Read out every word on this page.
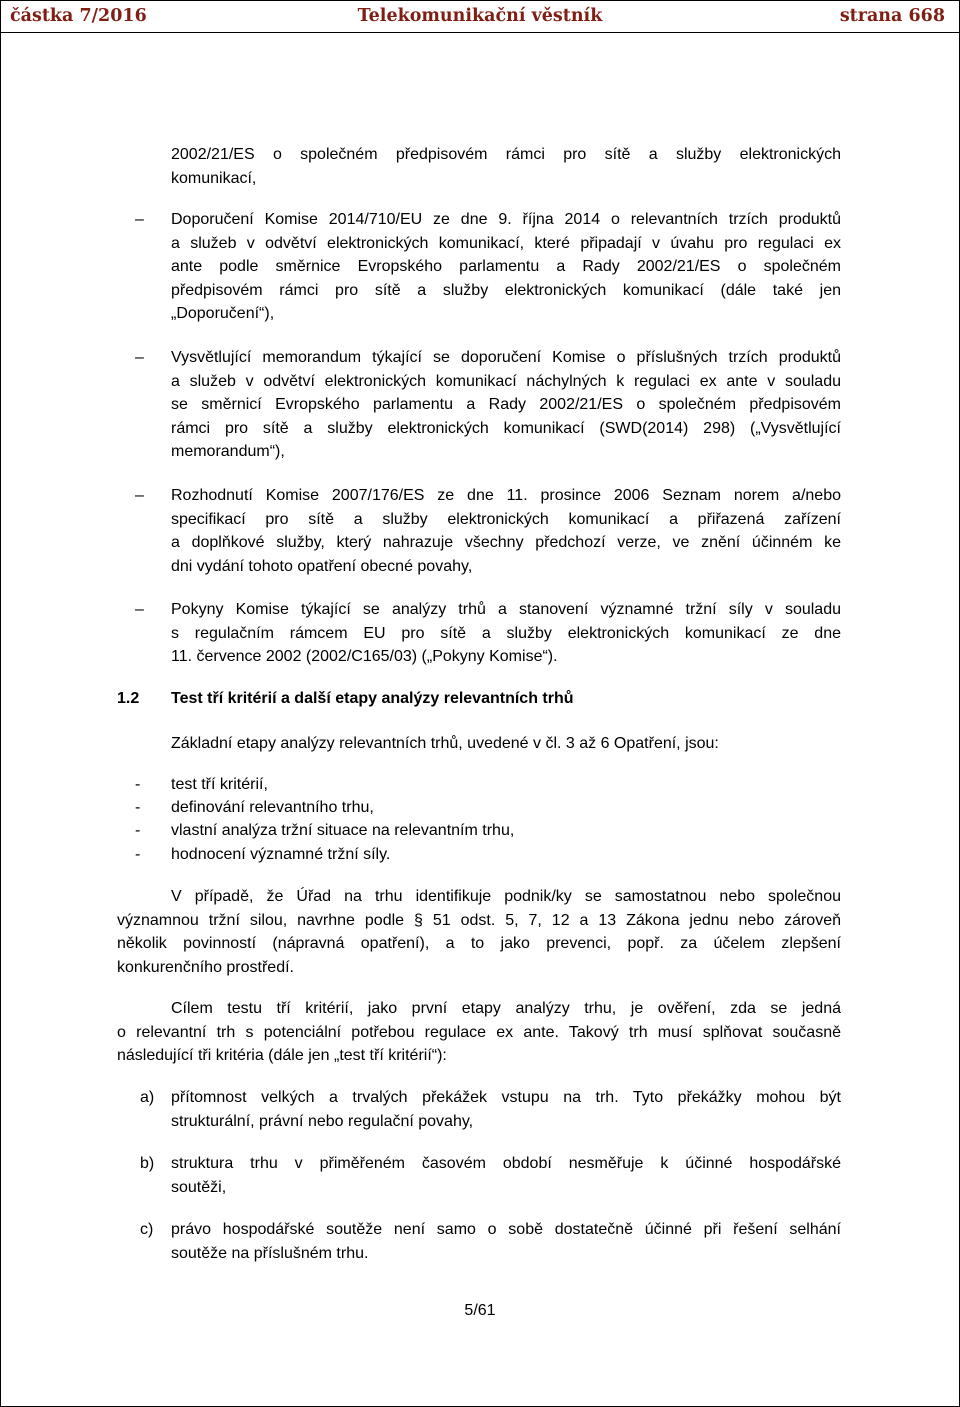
částka 7/2016	Telekomunikační věstník	strana 668
2002/21/ES o společném předpisovém rámci pro sítě a služby elektronických
komunikací,
– Doporučení Komise 2014/710/EU ze dne 9. října 2014 o relevantních trzích produktů
a služeb v odvětví elektronických komunikací, které připadají v úvahu pro regulaci ex
ante podle směrnice Evropského parlamentu a Rady 2002/21/ES o společném
předpisovém rámci pro sítě a služby elektronických komunikací (dále také jen
„Doporučení“),
– Vysvětlující memorandum týkající se doporučení Komise o příslušných trzích produktů
a služeb v odvětví elektronických komunikací náchylných k regulaci ex ante v souladu
se směrnicí Evropského parlamentu a Rady 2002/21/ES o společném předpisovém
rámci pro sítě a služby elektronických komunikací (SWD(2014) 298) („Vysvětlující
memorandum“),
– Rozhodnutí Komise 2007/176/ES ze dne 11. prosince 2006 Seznam norem a/nebo
specifikací pro sítě a služby elektronických komunikací a přiřazená zařízení
a doplňkové služby, který nahrazuje všechny předchozí verze, ve znění účinném ke
dni vydání tohoto opatření obecné povahy,
– Pokyny Komise týkající se analýzy trhů a stanovení významné tržní síly v souladu
s regulačním rámcem EU pro sítě a služby elektronických komunikací ze dne
11. července 2002 (2002/C165/03) („Pokyny Komise“).
1.2 Test tří kritérií a další etapy analýzy relevantních trhů
Základní etapy analýzy relevantních trhů, uvedené v čl. 3 až 6 Opatření, jsou:
- test tří kritérií,
- definování relevantního trhu,
- vlastní analýza tržní situace na relevantním trhu,
- hodnocení významné tržní síly.
V případě, že Úřad na trhu identifikuje podnik/ky se samostatnou nebo společnou
významnou tržní silou, navrhne podle § 51 odst. 5, 7, 12 a 13 Zákona jednu nebo zároveň
několik povinností (nápravná opatření), a to jako prevenci, popř. za účelem zlepšení
konkurenčního prostředí.
Cílem testu tří kritérií, jako první etapy analýzy trhu, je ověření, zda se jedná
o relevantní trh s potenciální potřebou regulace ex ante. Takový trh musí splňovat současně
následující tři kritéria (dále jen „test tří kritérií“):
a) přítomnost velkých a trvalých překážek vstupu na trh. Tyto překážky mohou být
strukturální, právní nebo regulační povahy,
b) struktura trhu v přiměřeném časovém období nesměřuje k účinné hospodářské
soutěži,
c) právo hospodářské soutěže není samo o sobě dostatečně účinné při řešení selhání
soutěže na příslušném trhu.
5/61
